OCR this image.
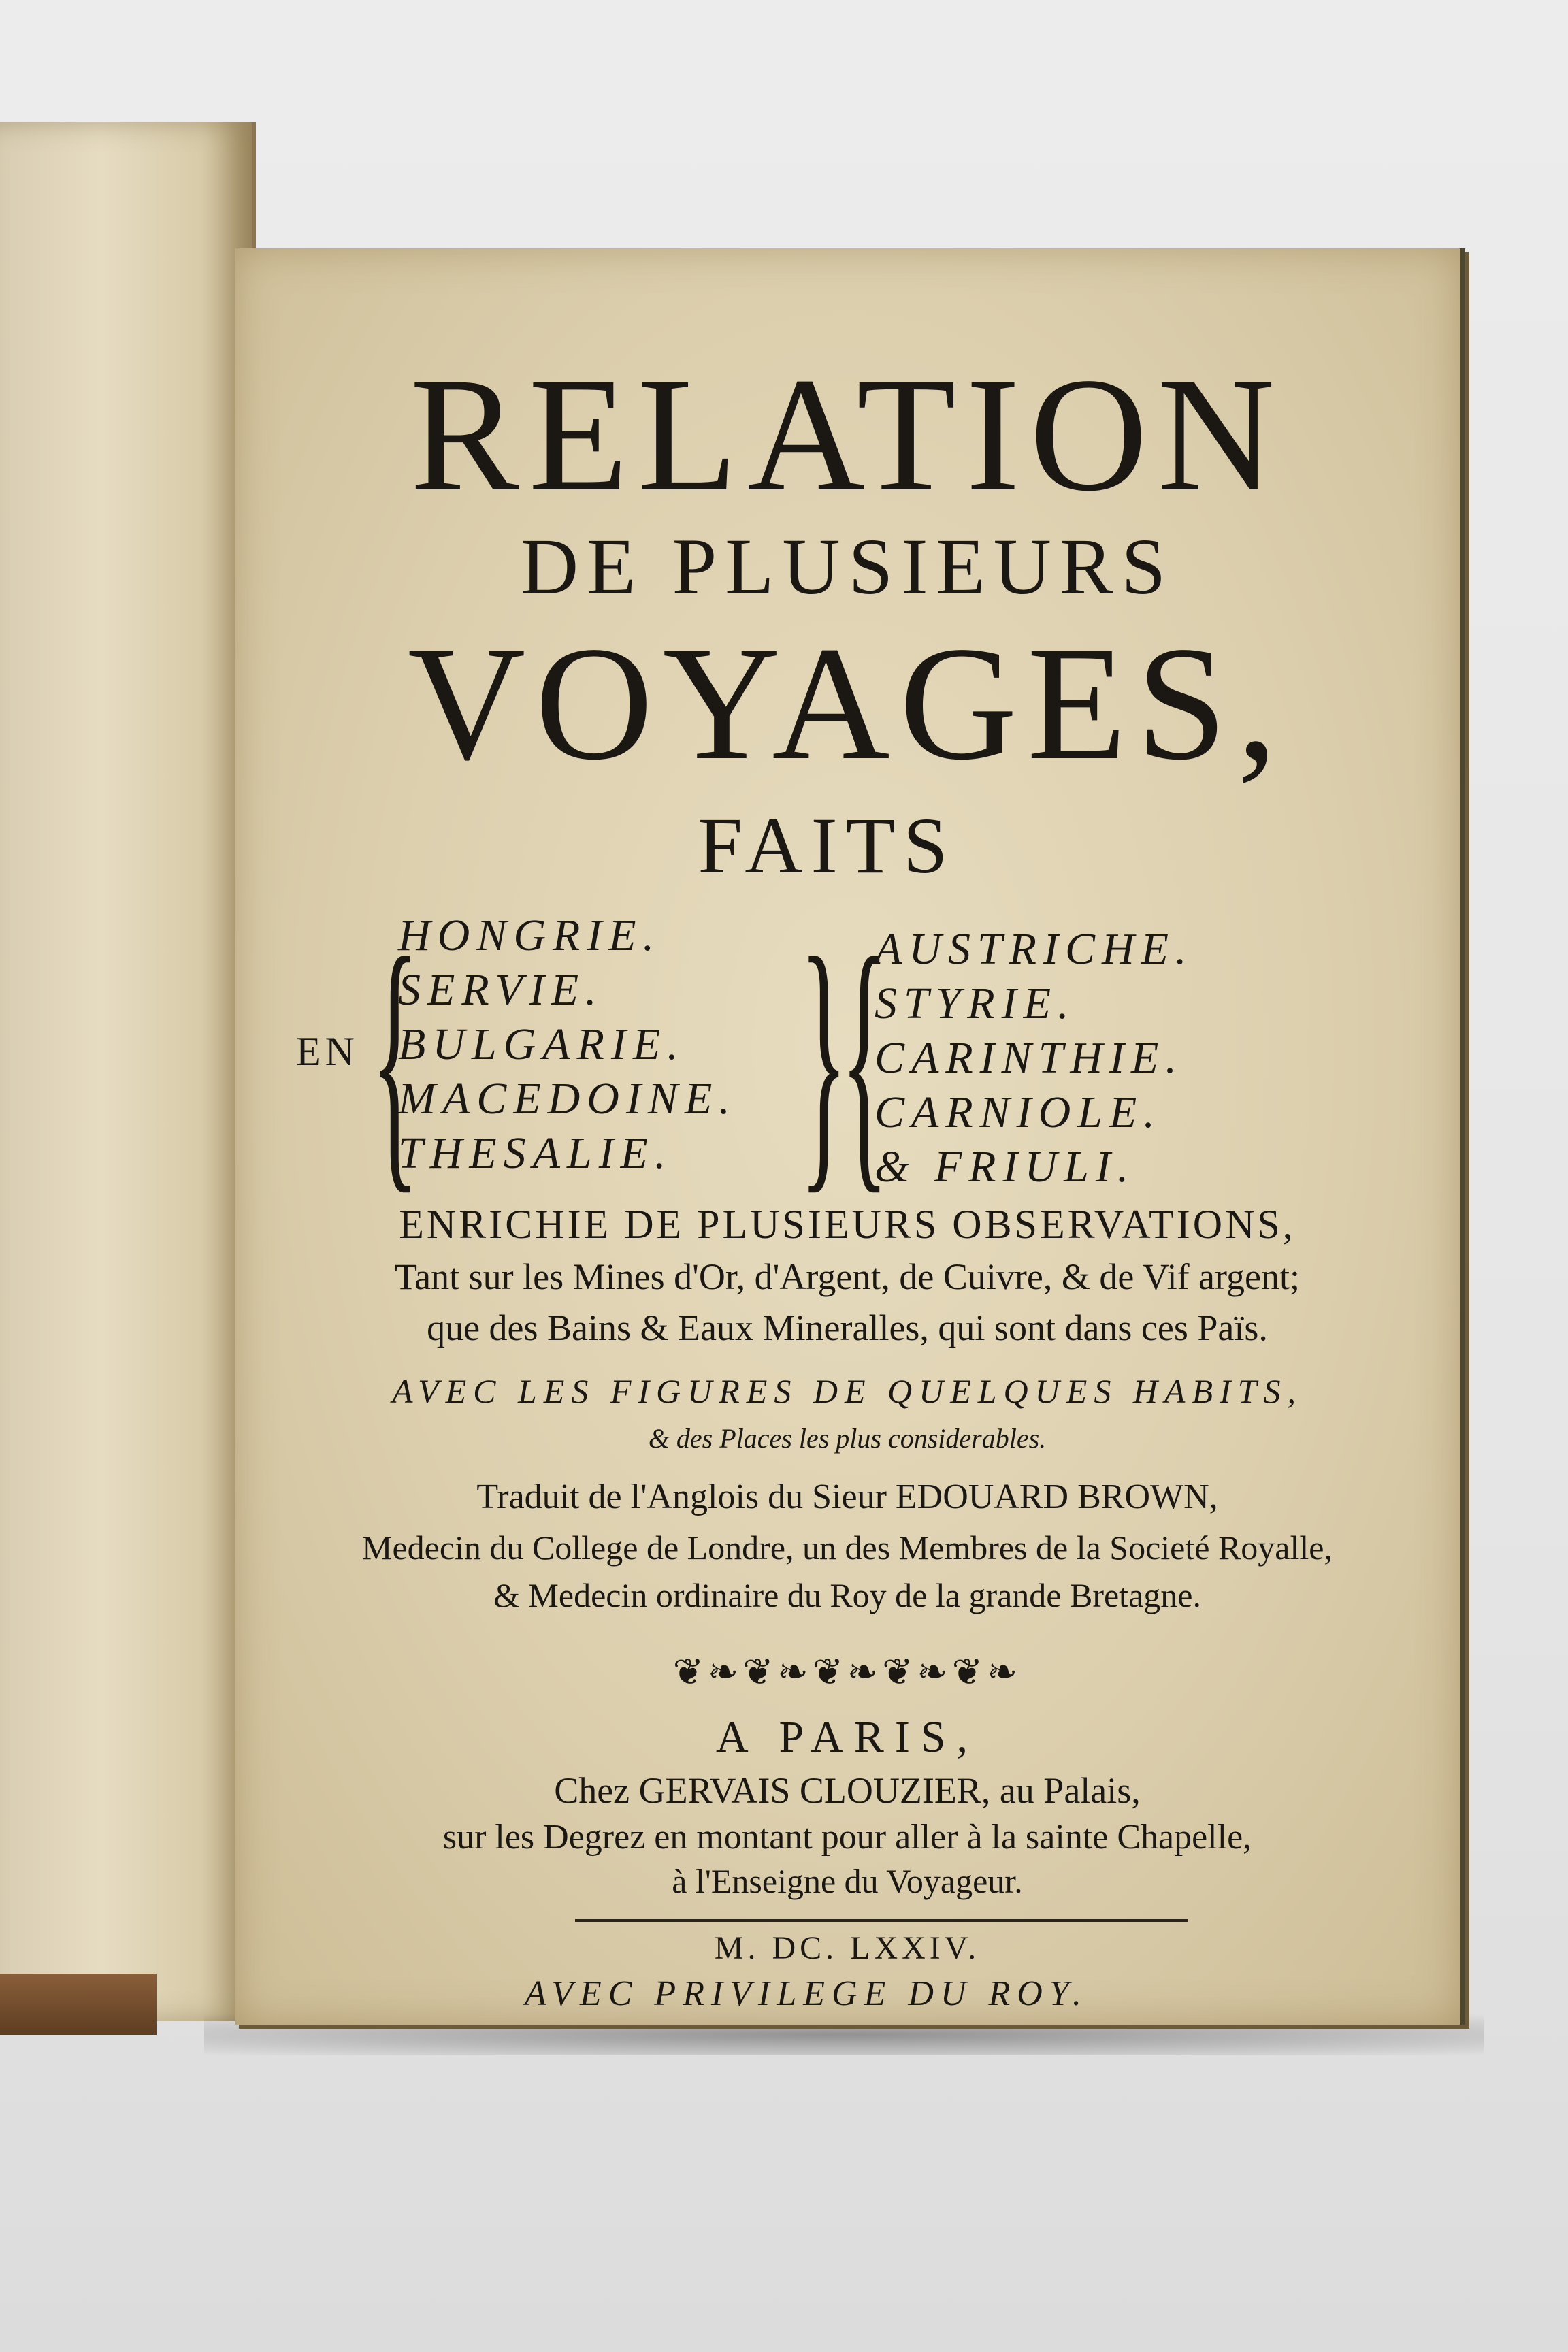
RELATION
DE PLUSIEURS
VOYAGES,
FAITS
EN {
HONGRIE.
SERVIE.
BULGARIE.
MACEDOINE.
THESALIE. }
{
AUSTRICHE.
STYRIE.
CARINTHIE.
CARNIOLE.
& FRIULI.
ENRICHIE DE PLUSIEURS OBSERVATIONS,
Tant sur les Mines d'Or, d'Argent, de Cuivre, & de Vif argent;
que des Bains & Eaux Mineralles, qui sont dans ces Païs.
AVEC LES FIGURES DE QUELQUES HABITS,
& des Places les plus considerables.
Traduit de l'Anglois du Sieur EDOUARD BROWN,
Medecin du College de Londre, un des Membres de la Societé Royalle,
& Medecin ordinaire du Roy de la grande Bretagne.
❦❧❦❧❦❧❦❧❦❧
A PARIS,
Chez GERVAIS CLOUZIER, au Palais,
sur les Degrez en montant pour aller à la sainte Chapelle,
à l'Enseigne du Voyageur.
M. DC. LXXIV.
AVEC PRIVILEGE DU ROY.
